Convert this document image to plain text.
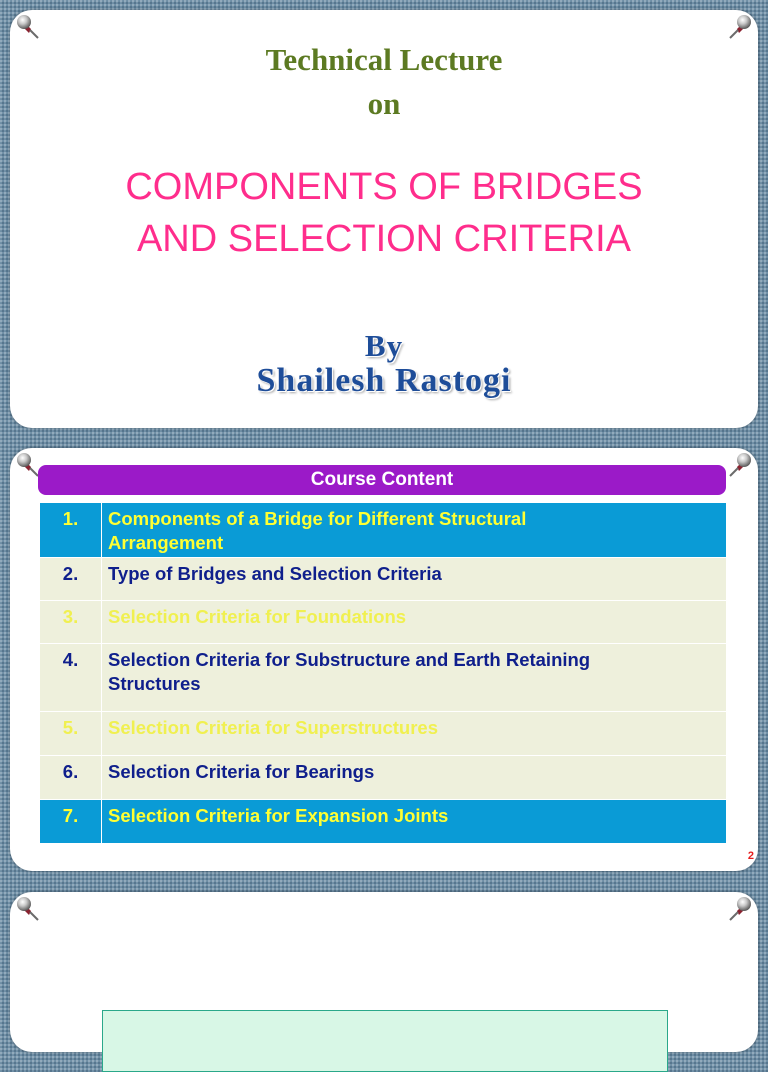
Technical Lecture
on
COMPONENTS OF BRIDGES
AND SELECTION CRITERIA
By
Shailesh Rastogi
Course Content
1.	Components of a Bridge for Different Structural
Arrangement

2.	Type of Bridges and Selection Criteria

3.	Selection Criteria for Foundations

4.	Selection Criteria for Substructure and Earth Retaining
Structures

5.	Selection Criteria for Superstructures

6.	Selection Criteria for Bearings

7.	Selection Criteria for Expansion Joints
2
